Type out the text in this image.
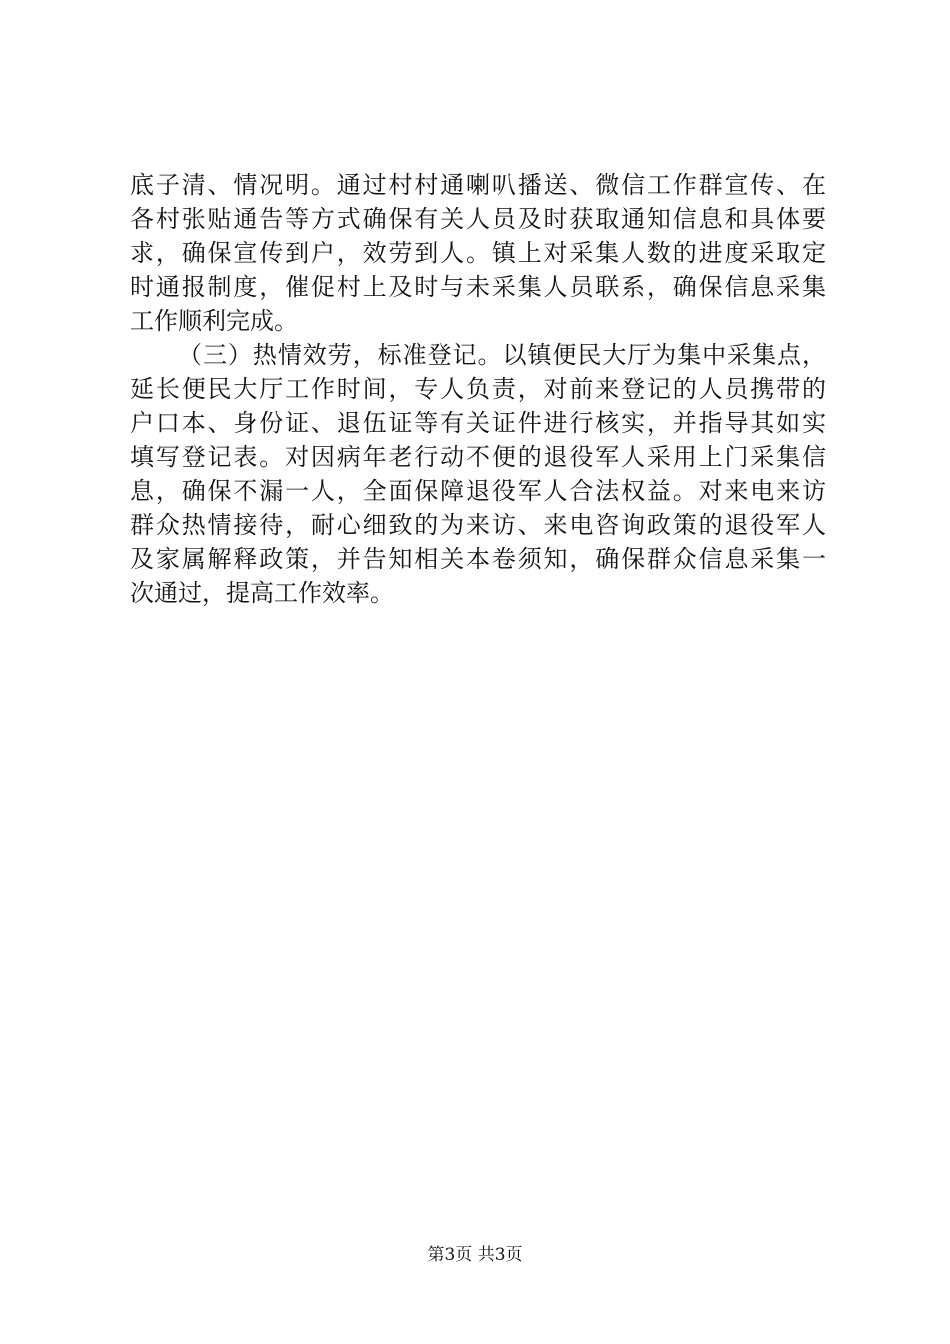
底子清、情况明。通过村村通喇叭播送、微信工作群宣传、在
各村张贴通告等方式确保有关人员及时获取通知信息和具体要
求，确保宣传到户，效劳到人。镇上对采集人数的进度采取定
时通报制度，催促村上及时与未采集人员联系，确保信息采集
工作顺利完成。
（三）热情效劳，标准登记。以镇便民大厅为集中采集点，
延长便民大厅工作时间，专人负责，对前来登记的人员携带的
户口本、身份证、退伍证等有关证件进行核实，并指导其如实
填写登记表。对因病年老行动不便的退役军人采用上门采集信
息，确保不漏一人，全面保障退役军人合法权益。对来电来访
群众热情接待，耐心细致的为来访、来电咨询政策的退役军人
及家属解释政策，并告知相关本卷须知，确保群众信息采集一
次通过，提高工作效率。
第3页 共3页
